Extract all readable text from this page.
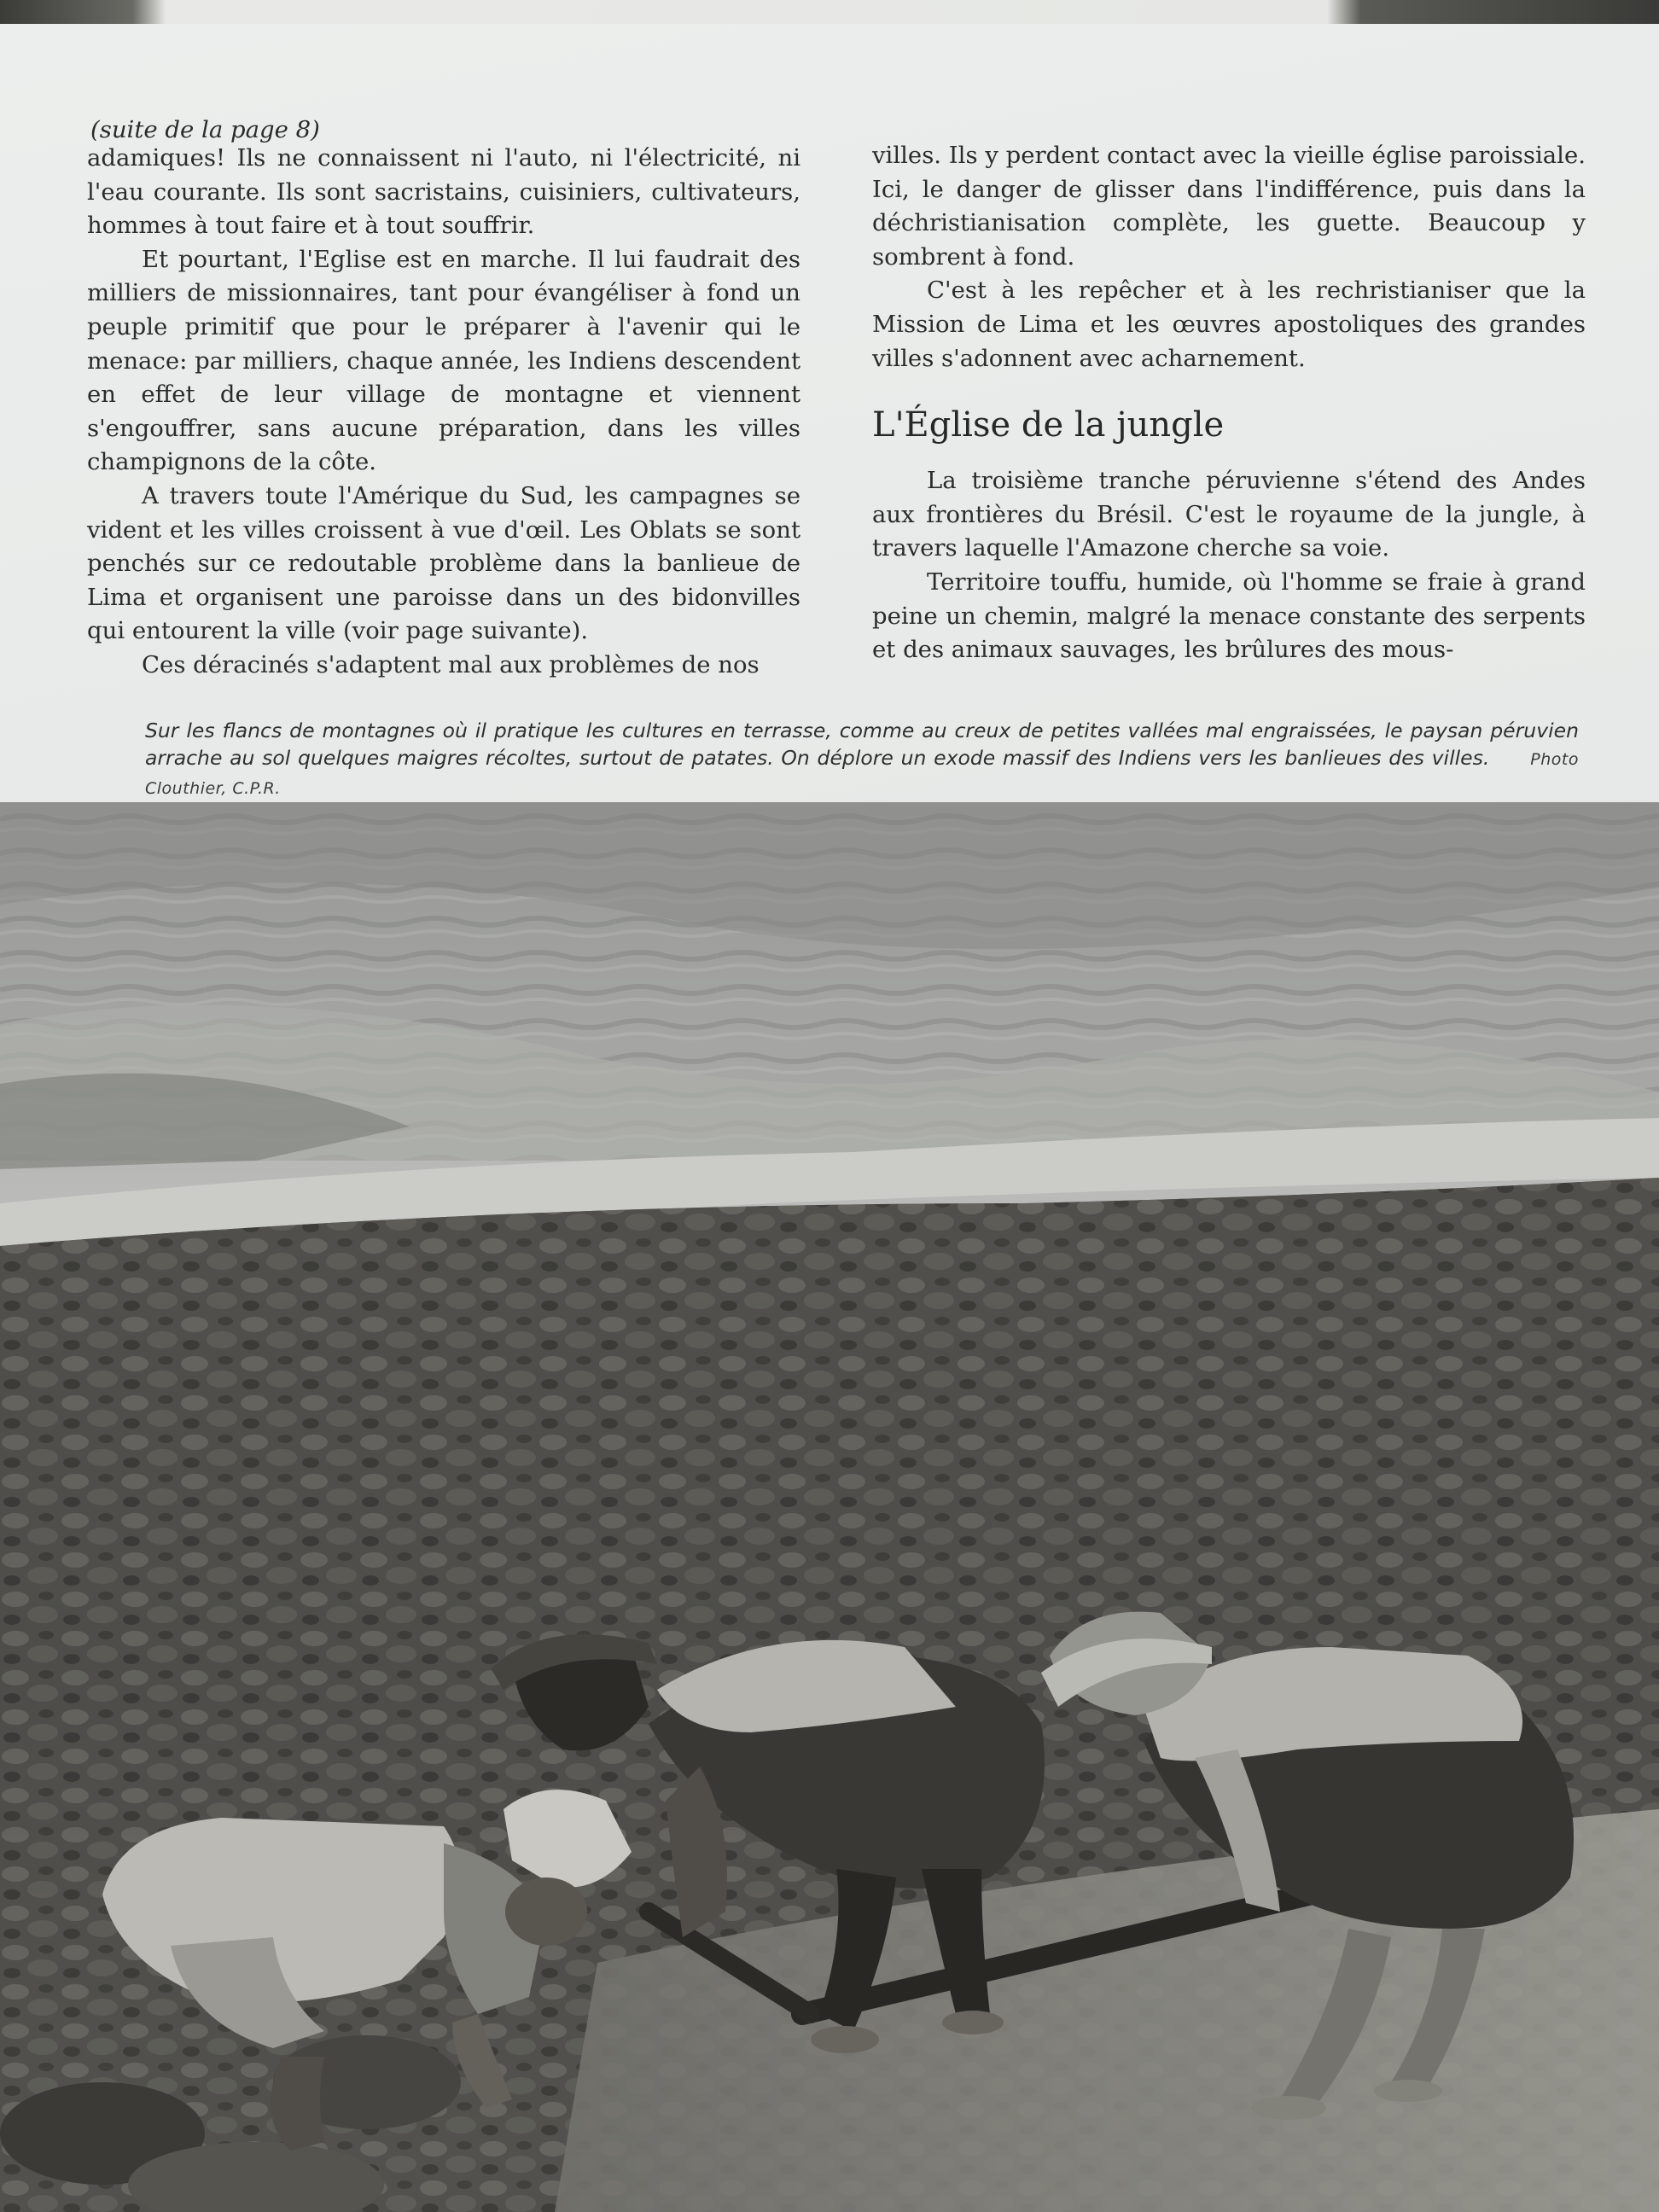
(suite de la page 8)

adamiques! Ils ne connaissent ni l'auto, ni l'électricité, ni l'eau courante. Ils sont sacristains, cuisiniers, cultivateurs, hommes à tout faire et à tout souffrir.

Et pourtant, l'Eglise est en marche. Il lui faudrait des milliers de missionnaires, tant pour évangéliser à fond un peuple primitif que pour le préparer à l'avenir qui le menace: par milliers, chaque année, les Indiens descendent en effet de leur village de montagne et viennent s'engouffrer, sans aucune préparation, dans les villes champignons de la côte.

A travers toute l'Amérique du Sud, les campagnes se vident et les villes croissent à vue d'œil. Les Oblats se sont penchés sur ce redoutable problème dans la banlieue de Lima et organisent une paroisse dans un des bidonvilles qui entourent la ville (voir page suivante).

Ces déracinés s'adaptent mal aux problèmes de nos

villes. Ils y perdent contact avec la vieille église paroissiale. Ici, le danger de glisser dans l'indifférence, puis dans la déchristianisation complète, les guette. Beaucoup y sombrent à fond.

C'est à les repêcher et à les rechristianiser que la Mission de Lima et les œuvres apostoliques des grandes villes s'adonnent avec acharnement.

L'Église de la jungle

La troisième tranche péruvienne s'étend des Andes aux frontières du Brésil. C'est le royaume de la jungle, à travers laquelle l'Amazone cherche sa voie.

Territoire touffu, humide, où l'homme se fraie à grand peine un chemin, malgré la menace constante des serpents et des animaux sauvages, les brûlures des mous-

Sur les flancs de montagnes où il pratique les cultures en terrasse, comme au creux de petites vallées mal engraissées, le paysan péruvien arrache au sol quelques maigres récoltes, surtout de patates. On déplore un exode massif des Indiens vers les banlieues des villes.	Photo Clouthier, C.P.R.
